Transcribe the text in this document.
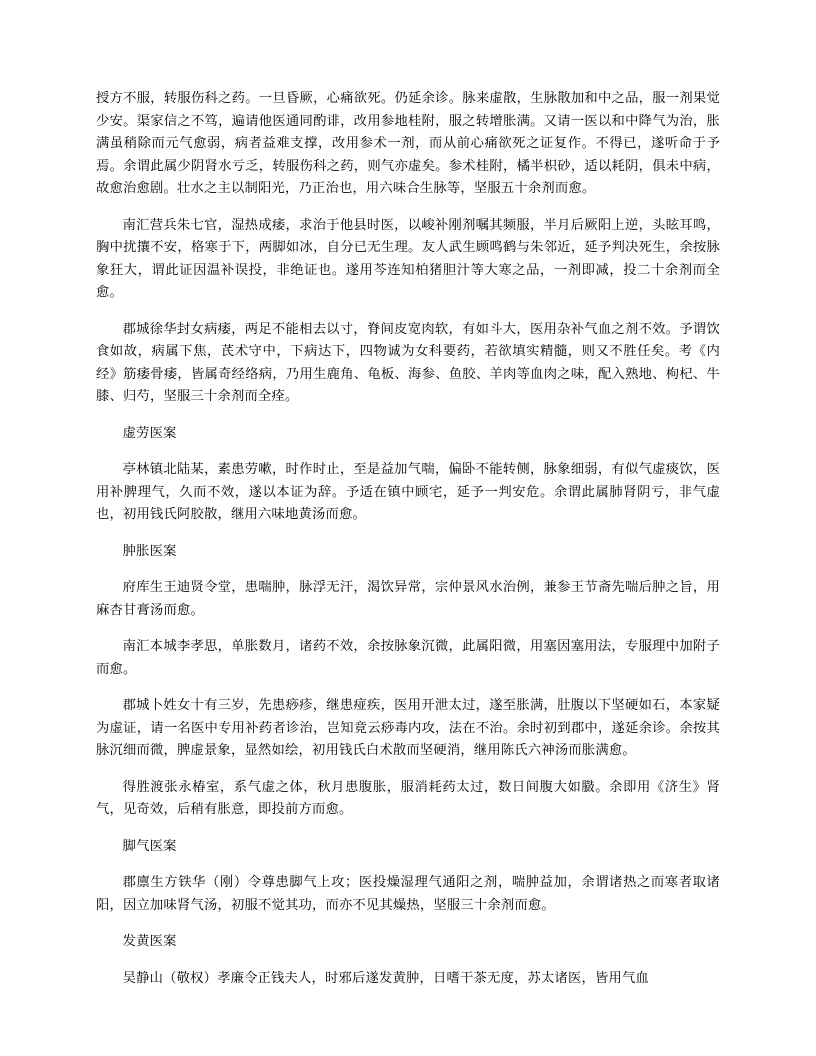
授方不服，转服伤科之药。一旦昏厥，心痛欲死。仍延余诊。脉来虚散，生脉散加和中之品，服一剂果觉少安。渠家信之不笃，遍请他医通同酌诽，改用参地桂附，服之转增胀满。又请一医以和中降气为治，胀满虽稍除而元气愈弱，病者益难支撑，改用参术一剂，而从前心痛欲死之证复作。不得已，遂听命于予焉。余谓此属少阴肾水亏乏，转服伤科之药，则气亦虚矣。参术桂附，橘半枳砂，适以耗阴，俱未中病，故愈治愈剧。壮水之主以制阳光，乃正治也，用六味合生脉等，坚服五十余剂而愈。

南汇营兵朱七官，湿热成痿，求治于他县时医，以峻补刚剂嘱其频服，半月后厥阳上逆，头眩耳鸣，胸中扰攘不安，格寒于下，两脚如冰，自分已无生理。友人武生顾鸣鹤与朱邻近，延予判决死生，余按脉象狂大，谓此证因温补误投，非绝证也。遂用芩连知柏猪胆汁等大寒之品，一剂即减，投二十余剂而全愈。

郡城徐华封女病痿，两足不能相去以寸，脊间皮宽肉软，有如斗大，医用杂补气血之剂不效。予谓饮食如故，病属下焦，芪术守中，下病达下，四物诚为女科要药，若欲填实精髓，则又不胜任矣。考《内经》筋痿骨痿，皆属奇经络病，乃用生鹿角、龟板、海参、鱼胶、羊肉等血肉之味，配入熟地、枸杞、牛膝、归芍，坚服三十余剂而全痊。

虚劳医案

亭林镇北陆某，素患劳嗽，时作时止，至是益加气喘，偏卧不能转侧，脉象细弱，有似气虚痰饮，医用补脾理气，久而不效，遂以本证为辞。予适在镇中顾宅，延予一判安危。余谓此属肺肾阴亏，非气虚也，初用钱氏阿胶散，继用六味地黄汤而愈。

肿胀医案

府库生王迪贤令堂，患喘肿，脉浮无汗，渴饮异常，宗仲景风水治例，兼参王节斋先喘后肿之旨，用麻杏甘膏汤而愈。

南汇本城李孝思，单胀数月，诸药不效，余按脉象沉微，此属阳微，用塞因塞用法，专服理中加附子而愈。

郡城卜姓女十有三岁，先患痧疹，继患痖疾，医用开泄太过，遂至胀满，肚腹以下坚硬如石，本家疑为虚证，请一名医中专用补药者诊治，岂知竟云痧毒内攻，法在不治。余时初到郡中，遂延余诊。余按其脉沉细而微，脾虚景象，显然如绘，初用钱氏白术散而坚硬消，继用陈氏六神汤而胀满愈。

得胜渡张永椿室，系气虚之体，秋月患腹胀，服消耗药太过，数日间腹大如臌。余即用《济生》肾气，见奇效，后稍有胀意，即投前方而愈。

脚气医案

郡廪生方铁华（刚）令尊患脚气上攻；医投燥湿理气通阳之剂，喘肿益加，余谓诸热之而寒者取诸阳，因立加味肾气汤，初服不觉其功，而亦不见其燥热，坚服三十余剂而愈。

发黄医案

吴静山（敬权）孝廉令正钱夫人，时邪后遂发黄肿，日嗜干茶无度，苏太诸医，皆用气血
